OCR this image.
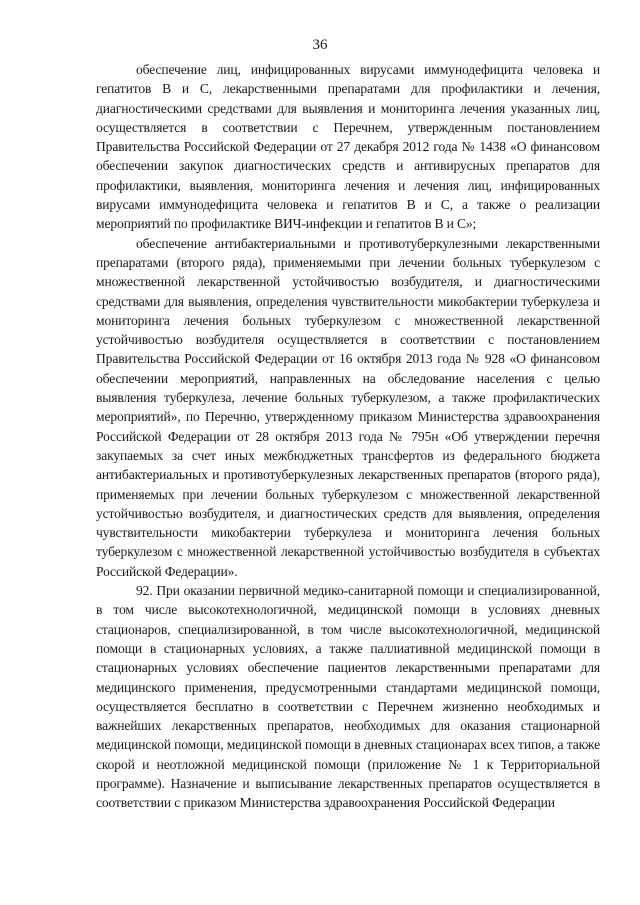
36

обеспечение лиц, инфицированных вирусами иммунодефицита человека и гепатитов B и C, лекарственными препаратами для профилактики и лечения, диагностическими средствами для выявления и мониторинга лечения указанных лиц, осуществляется в соответствии с Перечнем, утвержденным постановлением Правительства Российской Федерации от 27 декабря 2012 года № 1438 «О финансовом обеспечении закупок диагностических средств и антивирусных препаратов для профилактики, выявления, мониторинга лечения и лечения лиц, инфицированных вирусами иммунодефицита человека и гепатитов B и C, а также о реализации мероприятий по профилактике ВИЧ-инфекции и гепатитов B и C»;

обеспечение антибактериальными и противотуберкулезными лекарственными препаратами (второго ряда), применяемыми при лечении больных туберкулезом с множественной лекарственной устойчивостью возбудителя, и диагностическими средствами для выявления, определения чувствительности микобактерии туберкулеза и мониторинга лечения больных туберкулезом с множественной лекарственной устойчивостью возбудителя осуществляется в соответствии с постановлением Правительства Российской Федерации от 16 октября 2013 года № 928 «О финансовом обеспечении мероприятий, направленных на обследование населения с целью выявления туберкулеза, лечение больных туберкулезом, а также профилактических мероприятий», по Перечню, утвержденному приказом Министерства здравоохранения Российской Федерации от 28 октября 2013 года № 795н «Об утверждении перечня закупаемых за счет иных межбюджетных трансфертов из федерального бюджета антибактериальных и противотуберкулезных лекарственных препаратов (второго ряда), применяемых при лечении больных туберкулезом с множественной лекарственной устойчивостью возбудителя, и диагностических средств для выявления, определения чувствительности микобактерии туберкулеза и мониторинга лечения больных туберкулезом с множественной лекарственной устойчивостью возбудителя в субъектах Российской Федерации».

92. При оказании первичной медико-санитарной помощи и специализированной, в том числе высокотехнологичной, медицинской помощи в условиях дневных стационаров, специализированной, в том числе высокотехнологичной, медицинской помощи в стационарных условиях, а также паллиативной медицинской помощи в стационарных условиях обеспечение пациентов лекарственными препаратами для медицинского применения, предусмотренными стандартами медицинской помощи, осуществляется бесплатно в соответствии с Перечнем жизненно необходимых и важнейших лекарственных препаратов, необходимых для оказания стационарной медицинской помощи, медицинской помощи в дневных стационарах всех типов, а также скорой и неотложной медицинской помощи (приложение № 1 к Территориальной программе). Назначение и выписывание лекарственных препаратов осуществляется в соответствии с приказом Министерства здравоохранения Российской Федерации
